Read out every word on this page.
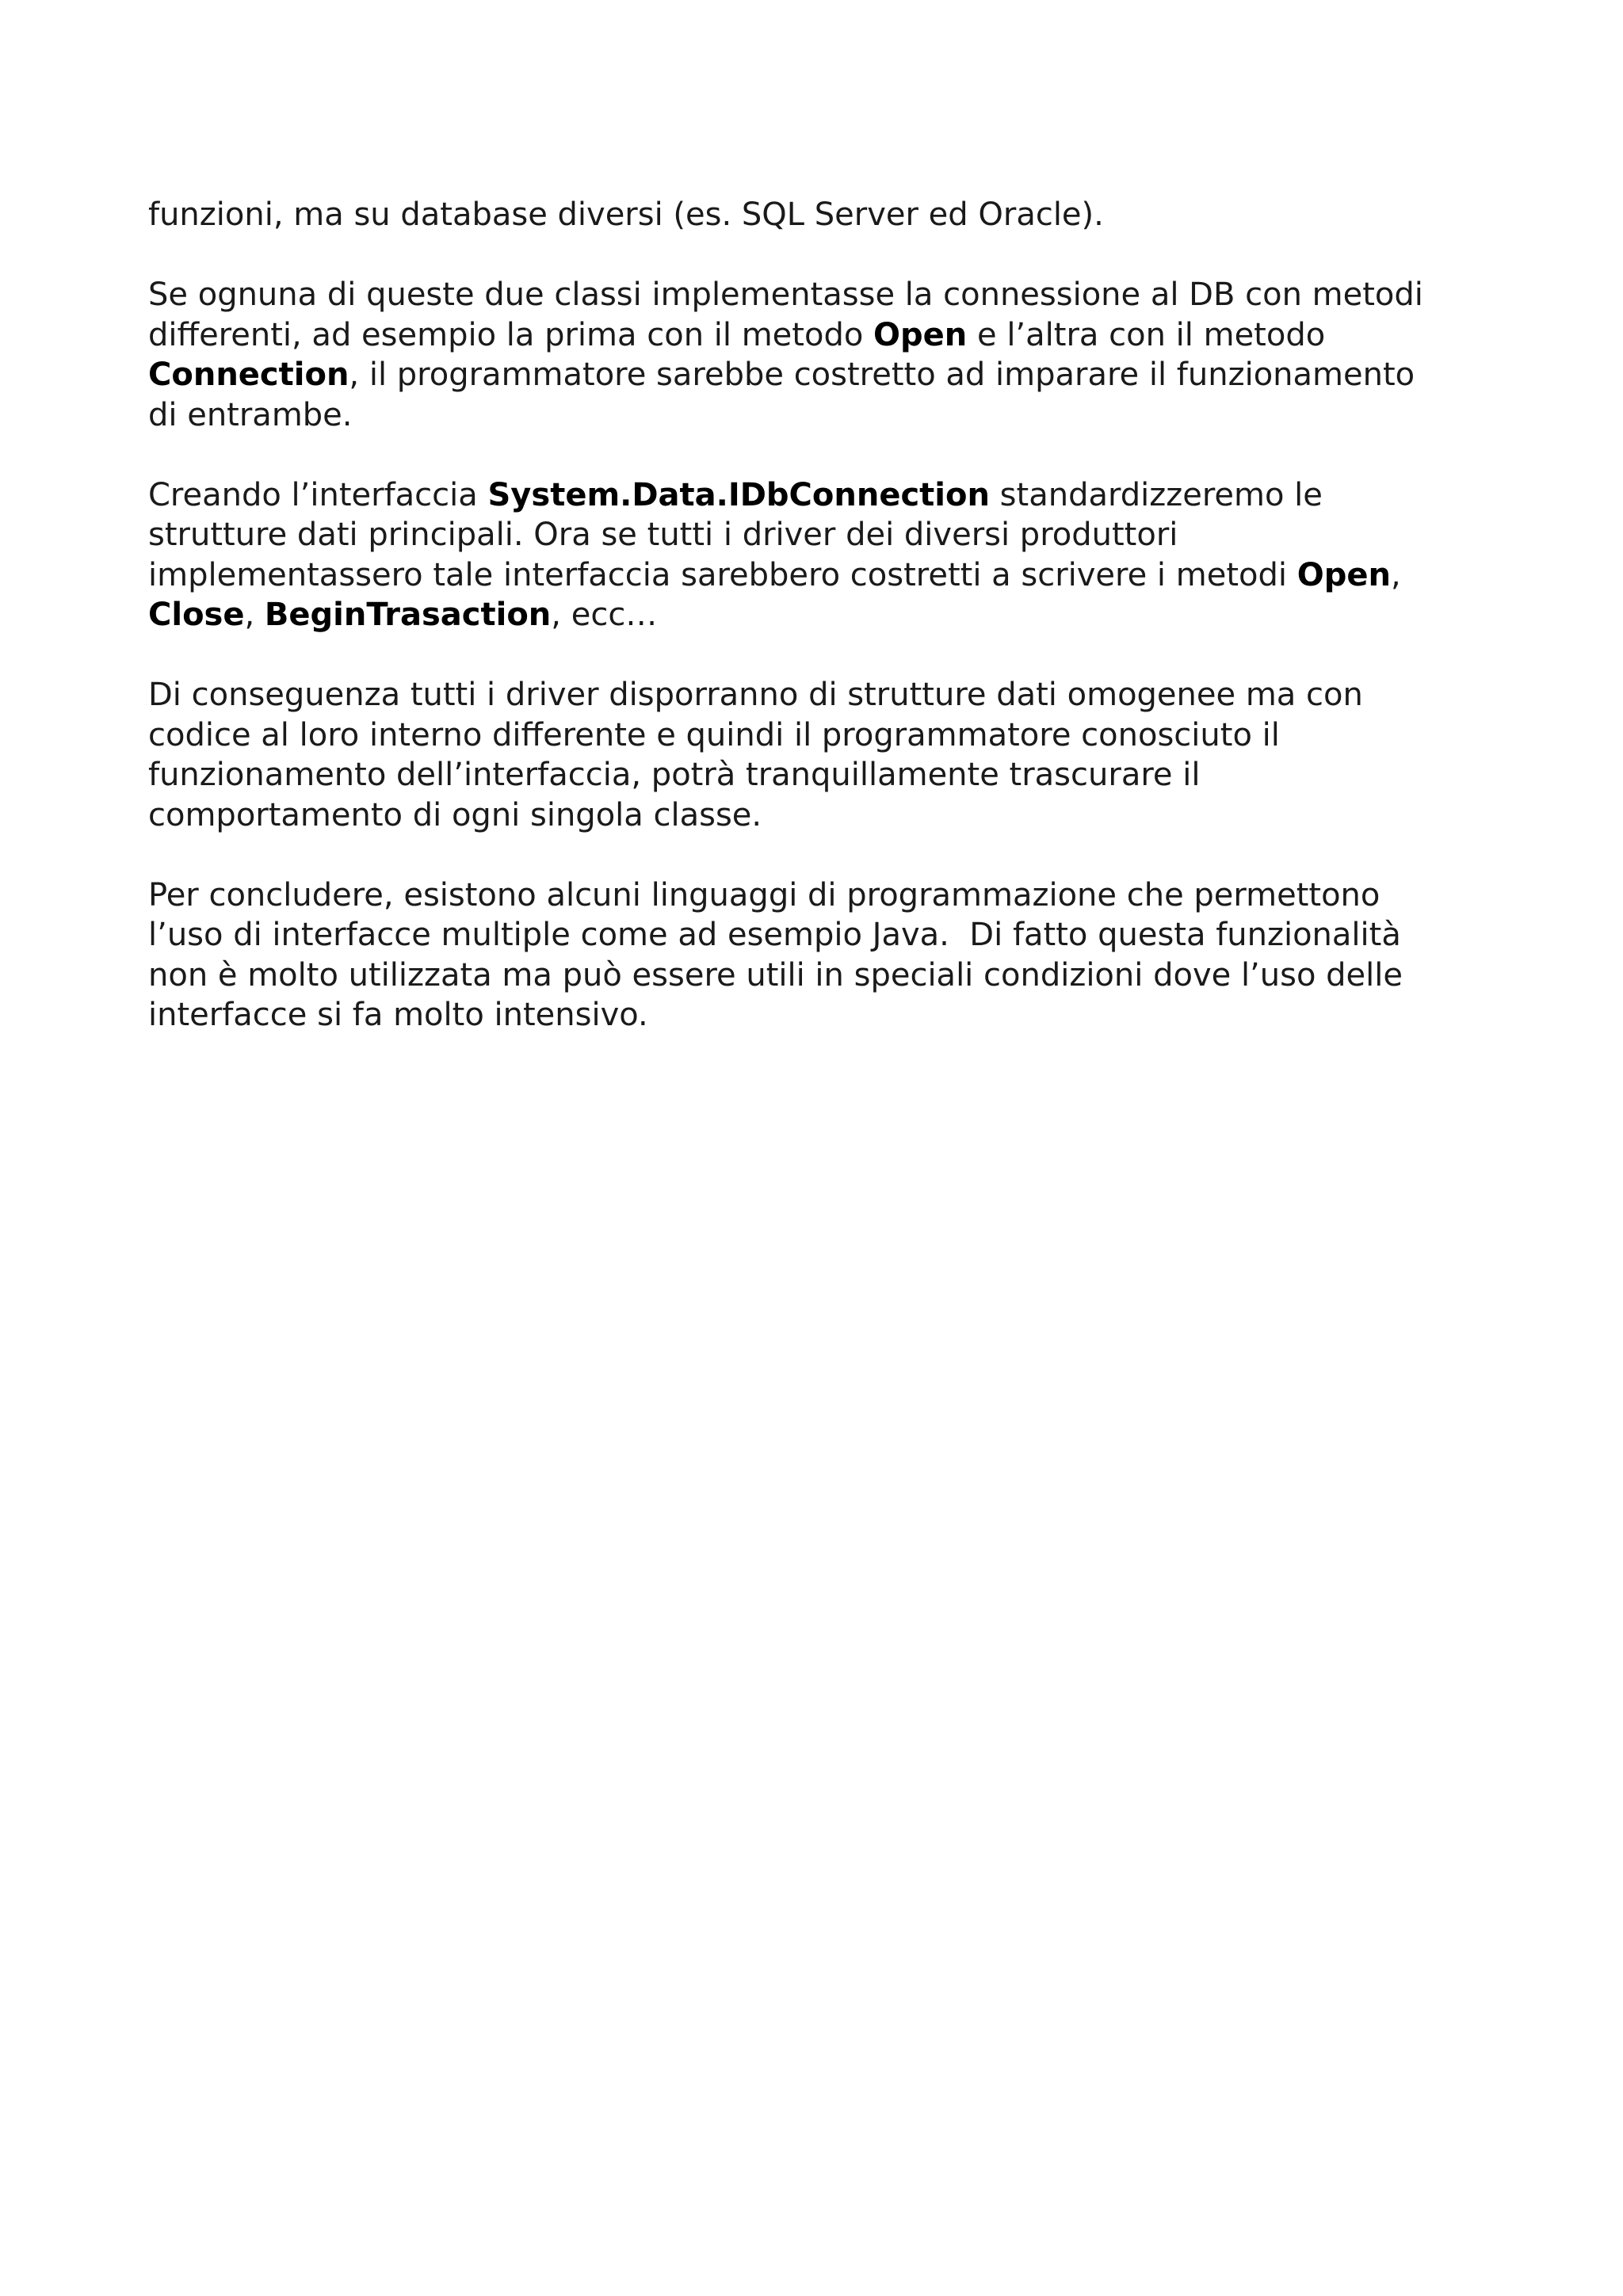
funzioni, ma su database diversi (es. SQL Server ed Oracle).

Se ognuna di queste due classi implementasse la connessione al DB con metodi
differenti, ad esempio la prima con il metodo Open e l’altra con il metodo
Connection, il programmatore sarebbe costretto ad imparare il funzionamento
di entrambe.

Creando l’interfaccia System.Data.IDbConnection standardizzeremo le
strutture dati principali. Ora se tutti i driver dei diversi produttori
implementassero tale interfaccia sarebbero costretti a scrivere i metodi Open,
Close, BeginTrasaction, ecc…

Di conseguenza tutti i driver disporranno di strutture dati omogenee ma con
codice al loro interno differente e quindi il programmatore conosciuto il
funzionamento dell’interfaccia, potrà tranquillamente trascurare il
comportamento di ogni singola classe.

Per concludere, esistono alcuni linguaggi di programmazione che permettono
l’uso di interfacce multiple come ad esempio Java.  Di fatto questa funzionalità
non è molto utilizzata ma può essere utili in speciali condizioni dove l’uso delle
interfacce si fa molto intensivo.
